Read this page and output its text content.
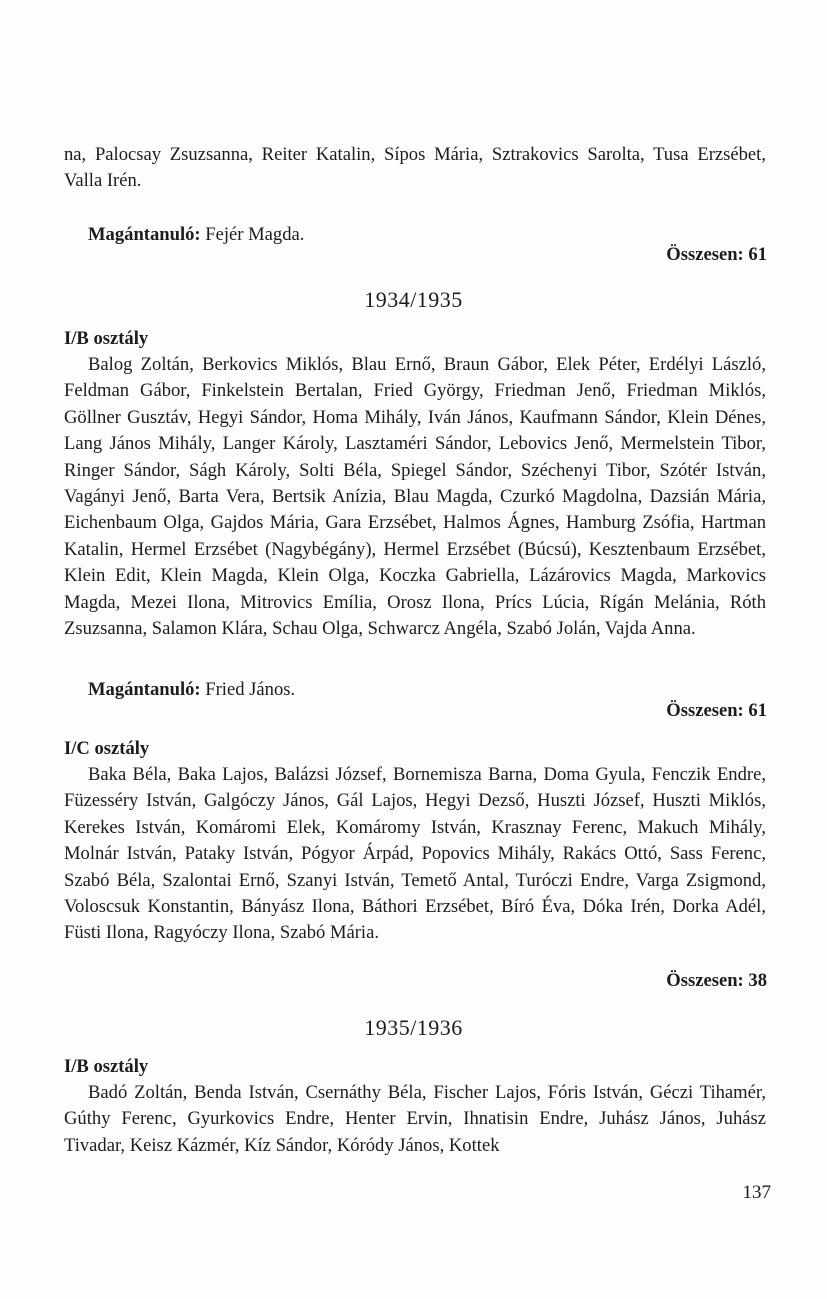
na, Palocsay Zsuzsanna, Reiter Katalin, Sípos Mária, Sztrakovics Sarolta, Tusa Erzsébet, Valla Irén.

Magántanuló: Fejér Magda.

Összesen: 61

1934/1935

I/B osztály

Balog Zoltán, Berkovics Miklós, Blau Ernő, Braun Gábor, Elek Péter, Erdélyi László, Feldman Gábor, Finkelstein Bertalan, Fried György, Friedman Jenő, Friedman Miklós, Göllner Gusztáv, Hegyi Sándor, Homa Mihály, Iván János, Kaufmann Sándor, Klein Dénes, Lang János Mihály, Langer Károly, Lasztaméri Sándor, Lebovics Jenő, Mermelstein Tibor, Ringer Sándor, Ságh Károly, Solti Béla, Spiegel Sándor, Széchenyi Tibor, Szótér István, Vagányi Jenő, Barta Vera, Bertsik Anízia, Blau Magda, Czurkó Magdolna, Dazsián Mária, Eichenbaum Olga, Gajdos Mária, Gara Erzsébet, Halmos Ágnes, Hamburg Zsófia, Hartman Katalin, Hermel Erzsébet (Nagybégány), Hermel Erzsébet (Búcsú), Kesztenbaum Erzsébet, Klein Edit, Klein Magda, Klein Olga, Koczka Gabriella, Lázárovics Magda, Markovics Magda, Mezei Ilona, Mitrovics Emília, Orosz Ilona, Prícs Lúcia, Rígán Melánia, Róth Zsuzsanna, Salamon Klára, Schau Olga, Schwarcz Angéla, Szabó Jolán, Vajda Anna.

Magántanuló: Fried János.

Összesen: 61

I/C osztály

Baka Béla, Baka Lajos, Balázsi József, Bornemisza Barna, Doma Gyula, Fenczik Endre, Füzesséry István, Galgóczy János, Gál Lajos, Hegyi Dezső, Huszti József, Huszti Miklós, Kerekes István, Komáromi Elek, Komáromy István, Krasznay Ferenc, Makuch Mihály, Molnár István, Pataky István, Pógyor Árpád, Popovics Mihály, Rakács Ottó, Sass Ferenc, Szabó Béla, Szalontai Ernő, Szanyi István, Temető Antal, Turóczi Endre, Varga Zsigmond, Voloscsuk Konstantin, Bányász Ilona, Báthori Erzsébet, Bíró Éva, Dóka Irén, Dorka Adél, Füsti Ilona, Ragyóczy Ilona, Szabó Mária.

Összesen: 38

1935/1936

I/B osztály

Badó Zoltán, Benda István, Csernáthy Béla, Fischer Lajos, Fóris István, Géczi Tihamér, Gúthy Ferenc, Gyurkovics Endre, Henter Ervin, Ihnatisin Endre, Juhász János, Juhász Tivadar, Keisz Kázmér, Kíz Sándor, Kóródy János, Kottek

137
